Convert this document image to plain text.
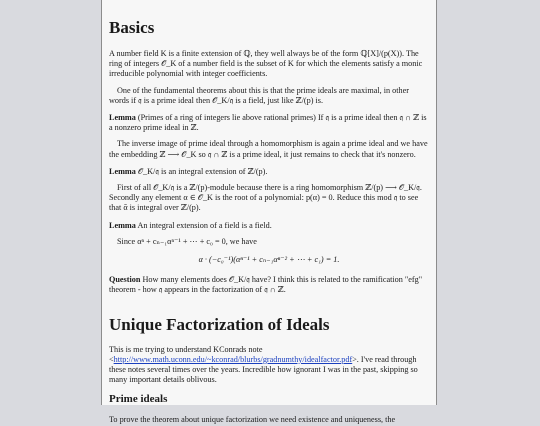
Basics

A number field K is a finite extension of ℚ, they well always be of the form ℚ[X]/(p(X)). The ring of integers 𝒪_K of a number field is the subset of K for which the elements satisfy a monic irreducible polynomial with integer coefficients.

One of the fundamental theorems about this is that the prime ideals are maximal, in other words if 𝔮 is a prime ideal then 𝒪_K/𝔮 is a field, just like ℤ/(p) is.

Lemma (Primes of a ring of integers lie above rational primes) If 𝔮 is a prime ideal then 𝔮 ∩ ℤ is a nonzero prime ideal in ℤ.

The inverse image of prime ideal through a homomorphism is again a prime ideal and we have the embedding ℤ ⟶ 𝒪_K so 𝔮 ∩ ℤ is a prime ideal, it just remains to check that it's nonzero.

Lemma 𝒪_K/𝔮 is an integral extension of ℤ/(p).

First of all 𝒪_K/𝔮 is a ℤ/(p)-module because there is a ring homomorphism ℤ/(p) ⟶ 𝒪_K/𝔮. Secondly any element α ∈ 𝒪_K is the root of a polynomial: p(α) = 0. Reduce this mod 𝔮 to see that ᾱ is integral over ℤ/(p).

Lemma An integral extension of a field is a field.

Since αⁿ + cₙ₋₁αⁿ⁻¹ + ⋯ + c₀ = 0, we have

α · (−c₀⁻¹)(αⁿ⁻¹ + cₙ₋₁αⁿ⁻² + ⋯ + c₁) = 1.

Question How many elements does 𝒪_K/𝔮 have? I think this is related to the ramification "efg" theorem - how 𝔮 appears in the factorization of 𝔮 ∩ ℤ.

Unique Factorization of Ideals

This is me trying to understand KConrads note <http://www.math.uconn.edu/~kconrad/blurbs/gradnumthy/idealfactor.pdf>. I've read through these notes several times over the years. Incredible how ignorant I was in the past, skipping so many important details oblivous.

Prime ideals

To prove the theorem about unique factorization we need existence and uniqueness, the
